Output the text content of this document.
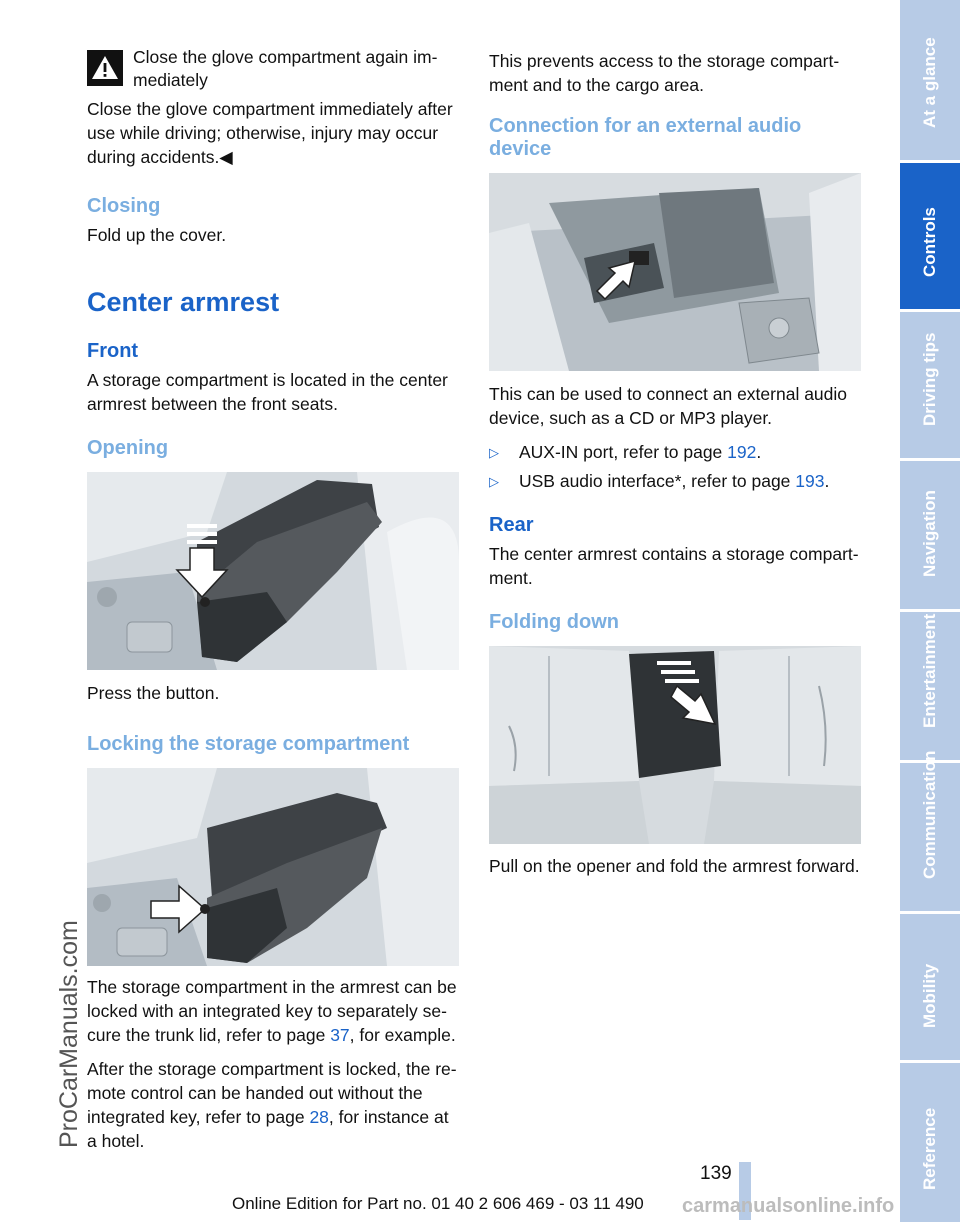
Close the glove compartment again im‐

mediately

Close the glove compartment immediately after

use while driving; otherwise, injury may occur

during accidents.◀

Closing

Fold up the cover.

Center armrest
Front

A storage compartment is located in the center

armrest between the front seats.

Opening

Press the button.

Locking the storage compartment

The storage compartment in the armrest can be

locked with an integrated key to separately se‐

cure the trunk lid, refer to page 37, for example.

After the storage compartment is locked, the re‐

mote control can be handed out without the

integrated key, refer to page 28, for instance at

a hotel.

This prevents access to the storage compart‐

ment and to the cargo area.

Connection for an external audio
device

This can be used to connect an external audio

device, such as a CD or MP3 player.

▷ AUX-IN port, refer to page 192.
▷ USB audio interface*, refer to page 193.
Rear

The center armrest contains a storage compart‐

ment.

Folding down

Pull on the opener and fold the armrest forward.

At a glance
Controls
Driving tips
Navigation
Entertainment
Communication
Mobility
Reference
ProCarManuals.com
139
Online Edition for Part no. 01 40 2 606 469 - 03 11 490 carmanualsonline.info
